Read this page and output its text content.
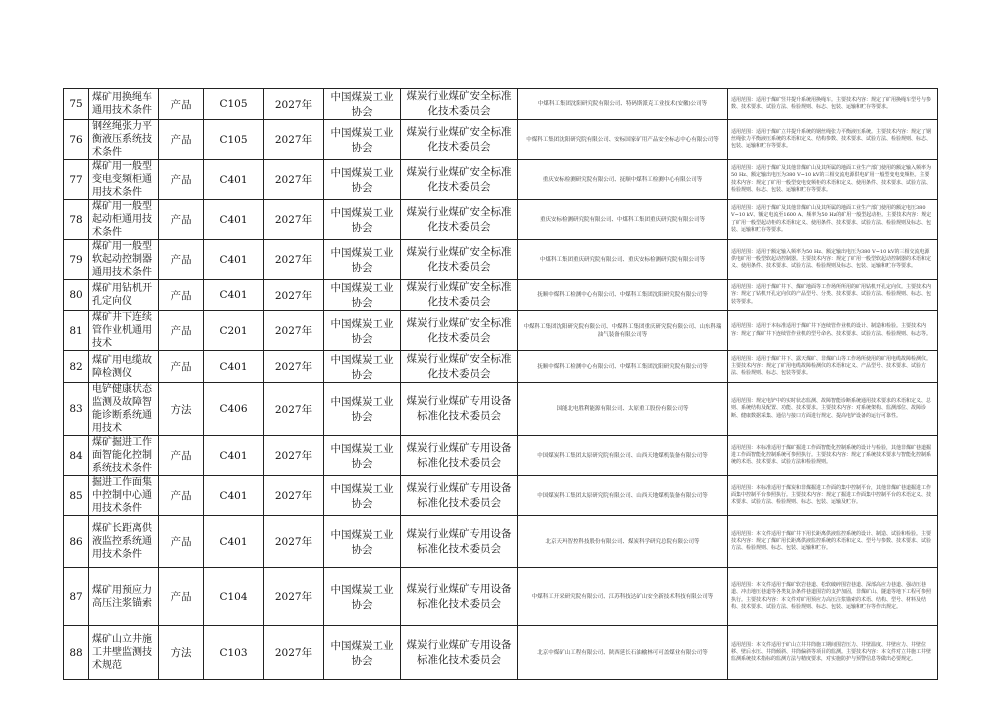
75	煤矿用换绳车通用技术条件	产品	C105	2027年	中国煤炭工业协会	煤炭行业煤矿安全标准化技术委员会	中煤科工集团沈阳研究院有限公司、特码斯派克工业技术(安徽)公司等	适用范围：适用于煤矿竖井提升系统用换绳车。主要技术内容：规定了矿用换绳车型号与参数、技术要求、试验方法、检验规则、标志、包装、运输和贮存等要求。
76	钢丝绳张力平衡液压系统技术条件	产品	C105	2027年	中国煤炭工业协会	煤炭行业煤矿安全标准化技术委员会	中煤科工集团沈阳研究院有限公司、安标国家矿用产品安全标志中心有限公司等	适用范围：适用于煤矿立井提升系统的钢丝绳张力平衡液压系统。主要技术内容：规定了钢丝绳张力平衡液压系统的术语和定义、结构参数、技术要求、试验方法、检验规则、标志、包装、运输和贮存等要求。
77	煤矿用一般型变电变频柜通用技术条件	产品	C401	2027年	中国煤炭工业协会	煤炭行业煤矿安全标准化技术委员会	重庆安标检测研究院有限公司、抚顺中煤科工检测中心有限公司等	适用范围：适用于煤矿及其他非煤矿山及其所属的地面工业生产部门使用的额定输入频率为50 Hz、额定输出电压为380 V~10 kV的三相交流电源供电矿用一般型变电变频柜。主要技术内容：规定了矿用一般型变电变频柜的术语和定义、使用条件、技术要求、试验方法、检验规则、标志、包装、运输和贮存等要求。
78	煤矿用一般型起动柜通用技术条件	产品	C401	2027年	中国煤炭工业协会	煤炭行业煤矿安全标准化技术委员会	重庆安标检测研究院有限公司、中煤科工集团重庆研究院有限公司等	适用范围：适用于煤矿及其他非煤矿山及其所属的地面工业生产部门使用的额定电压380 V~10 kV、额定电流至1600 A、频率为50 Hz的矿用一般型起动柜。主要技术内容：规定了矿用一般型起动柜的术语和定义、使用条件、技术要求、试验方法、检验规则及标志、包装、运输和贮存等要求。
79	煤矿用一般型软起动控制器通用技术条件	产品	C401	2027年	中国煤炭工业协会	煤炭行业煤矿安全标准化技术委员会	中煤科工集团重庆研究院有限公司、重庆安标检测研究院有限公司等	适用范围：适用于额定输入频率为50 Hz、额定输出电压为380 V~10 kV的三相交流电源供电矿用一般型软起动控制器。主要技术内容：规定了矿用一般型软起动控制器的术语和定义、使用条件、技术要求、试验方法、检验规则及标志、包装、运输和贮存等要求。
80	煤矿用钻机开孔定向仪	产品	C401	2027年	中国煤炭工业协会	煤炭行业煤矿安全标准化技术委员会	抚顺中煤科工检测中心有限公司、中煤科工集团沈阳研究院有限公司等	适用范围：适用于煤矿井下、煤矿地面等工作场所所用的矿用钻机开孔定向仪。主要技术内容：规定了钻机开孔定向仪的产品型号、分类、技术要求、试验方法、检验规则、标志、包装等要求。
81	煤矿井下连续管作业机通用技术	产品	C201	2027年	中国煤炭工业协会	煤炭行业煤矿安全标准化技术委员会	中煤科工集团沈阳研究院有限公司、中煤科工集团重庆研究院有限公司、山东科瑞油气装备有限公司等	适用范围：适用于本标准适用于煤矿井下连续管作业机的设计、制造和检验。主要技术内容：规定了煤矿井下连续管作业机的型号命名、技术要求、试验方法、检验规则、标志等。
82	煤矿用电缆故障检测仪	产品	C401	2027年	中国煤炭工业协会	煤炭行业煤矿安全标准化技术委员会	抚顺中煤科工检测中心有限公司、中煤科工集团沈阳研究院有限公司等	适用范围：适用于煤矿井下、露天煤矿、非煤矿山等工作场所使用的矿用电缆故障检测仪。主要技术内容：规定了矿用电缆故障检测仪的术语和定义、产品型号、技术要求、试验方法、检验规则、标志、包装等要求。
83	电铲健康状态监测及故障智能诊断系统通用技术	方法	C406	2027年	中国煤炭工业协会	煤炭行业煤矿专用设备标准化技术委员会	国能北电胜利能源有限公司、太原重工股份有限公司等	适用范围：规定电铲中的实时状态监测、故障智能诊断系统通用技术要求的术语和定义、总则、系统结构及配置、功能、技术要求。主要技术内容：对系统架构、监测部位、故障诊断、健康数据采集、通信与接口方面进行规定、提高电铲设备的运行可靠性。
84	煤矿掘进工作面智能化控制系统技术条件	产品	C401	2027年	中国煤炭工业协会	煤炭行业煤矿专用设备标准化技术委员会	中国煤炭科工集团太原研究院有限公司、山西天地煤机装备有限公司等	适用范围：本标准适用于煤矿掘进工作面智能化控制系统的设计与检验，其他非煤矿巷道掘进工作面智能化控制系统可参照执行。主要技术内容：规定了系统技术要求与智能化控制系统的术语、技术要求、试验方法和检验规则。
85	掘进工作面集中控制中心通用技术条件	产品	C401	2027年	中国煤炭工业协会	煤炭行业煤矿专用设备标准化技术委员会	中国煤炭科工集团太原研究院有限公司、山西天地煤机装备有限公司等	适用范围：本标准适用于煤炭和非煤掘进工作面的集中控制平台，其他非煤矿巷道掘进工作面集中控制平台参照执行。主要技术内容：规定了掘进工作面集中控制平台的术语定义、技术要求、试验方法、检验规则、标志、包装、运输及贮存。
86	煤矿长距离供液监控系统通用技术条件	产品	C401	2027年	中国煤炭工业协会	煤炭行业煤矿专用设备标准化技术委员会	北京天玛智控科技股份有限公司、煤炭科学研究总院有限公司等	适用范围：本文件适用于煤矿井下用长距离供液监控系统的设计、制造、试验和检验。主要技术内容：规定了煤矿用长距离供液监控系统的术语和定义、型号与参数、技术要求、试验方法、检验规则、标志、包装、运输和贮存。
87	煤矿用预应力高压注浆锚索	产品	C104	2027年	中国煤炭工业协会	煤炭行业煤矿专用设备标准化技术委员会	中煤科工开采研究院有限公司、江苏科技达矿山安全新技术科技有限公司等	适用范围：本文件适用于煤矿软岩巷道、松软破碎围岩巷道、深部高应力巷道、强动压巷道、冲击地压巷道等各类复杂条件巷道围岩的支护加固，非煤矿山、隧道等地下工程可参照执行。主要技术内容：本文件对矿用预应力高压注浆锚索的术语、结构、型号、材料及结构、技术要求、试验方法、检验规则、标志、包装、运输和贮存等作出规定。
88	煤矿山立井施工井壁监测技术规范	方法	C103	2027年	中国煤炭工业协会	煤炭行业煤矿专用设备标准化技术委员会	北京中煤矿山工程有限公司、陕西延长石油榆林可可盖煤业有限公司等	适用范围：本文件适用于矿山立井井筒施工期间围岩压力、井壁温度、井壁应力、井壁位移、壁后水压、井筒倾斜、井筒偏斜等项目的监测。主要技术内容：本文件对立井施工井壁监测系统技术指标的监测方法与精度要求，对实施防护与预警信息等做出必要规定。
